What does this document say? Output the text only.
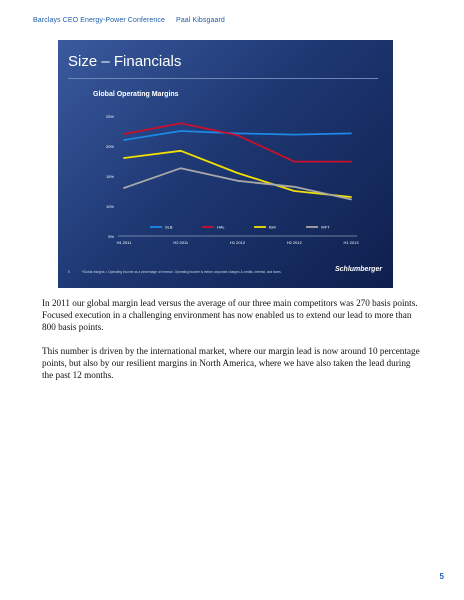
Barclays CEO Energy-Power Conference Paal Kibsgaard
Size – Financials
Global Operating Margins
5%
10%
15%
20%
25%
H1 2011	H2 2011	H1 2012	H2 2012	H1 2013
SLB	HAL	BHI	WFT
5	*Global margins = Operating income as a percentage of revenue. Operating income is before corporate charges & credits, interest, and taxes.	Schlumberger

In 2011 our global margin lead versus the average of our three main competitors was 270 basis points. Focused execution in a challenging environment has now enabled us to extend our lead to more than 800 basis points.

This number is driven by the international market, where our margin lead is now around 10 percentage points, but also by our resilient margins in North America, where we have also taken the lead during the past 12 months.

5
